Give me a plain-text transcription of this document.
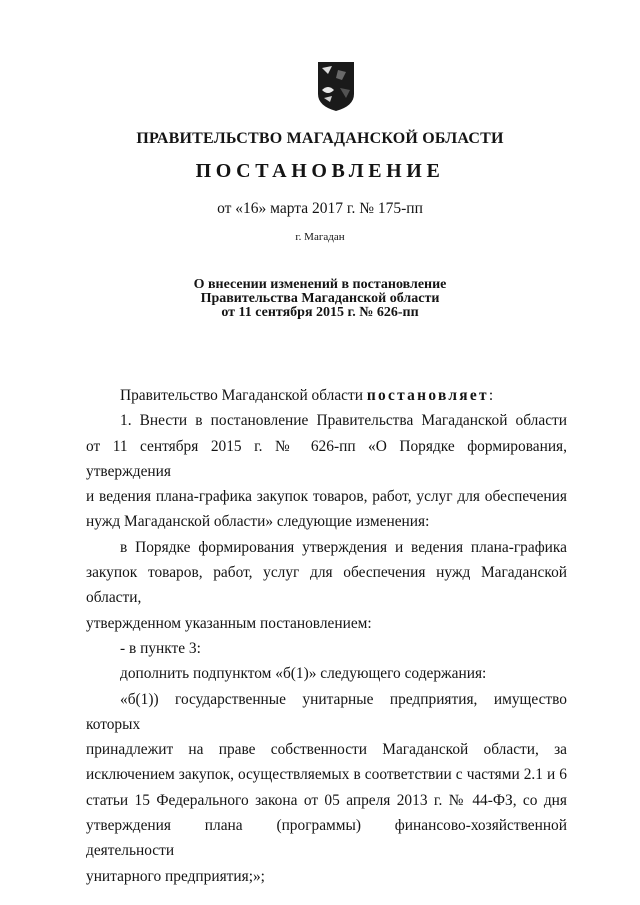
ПРАВИТЕЛЬСТВО МАГАДАНСКОЙ ОБЛАСТИ
ПОСТАНОВЛЕНИЕ
от «16» марта 2017 г. № 175-пп
г. Магадан
О внесении изменений в постановление
Правительства Магаданской области
от 11 сентября 2015 г. № 626-пп

Правительство Магаданской области постановляет:

1. Внести в постановление Правительства Магаданской области

от 11 сентября 2015 г. № 626-пп «О Порядке формирования, утверждения

и ведения плана-графика закупок товаров, работ, услуг для обеспечения

нужд Магаданской области» следующие изменения:

в Порядке формирования утверждения и ведения плана-графика

закупок товаров, работ, услуг для обеспечения нужд Магаданской области,

утвержденном указанным постановлением:

- в пункте 3:

дополнить подпунктом «б(1)» следующего содержания:

«б(1)) государственные унитарные предприятия, имущество которых

принадлежит на праве собственности Магаданской области, за

исключением закупок, осуществляемых в соответствии с частями 2.1 и 6

статьи 15 Федерального закона от 05 апреля 2013 г. № 44-ФЗ, со дня

утверждения плана (программы) финансово-хозяйственной деятельности

унитарного предприятия;»;
